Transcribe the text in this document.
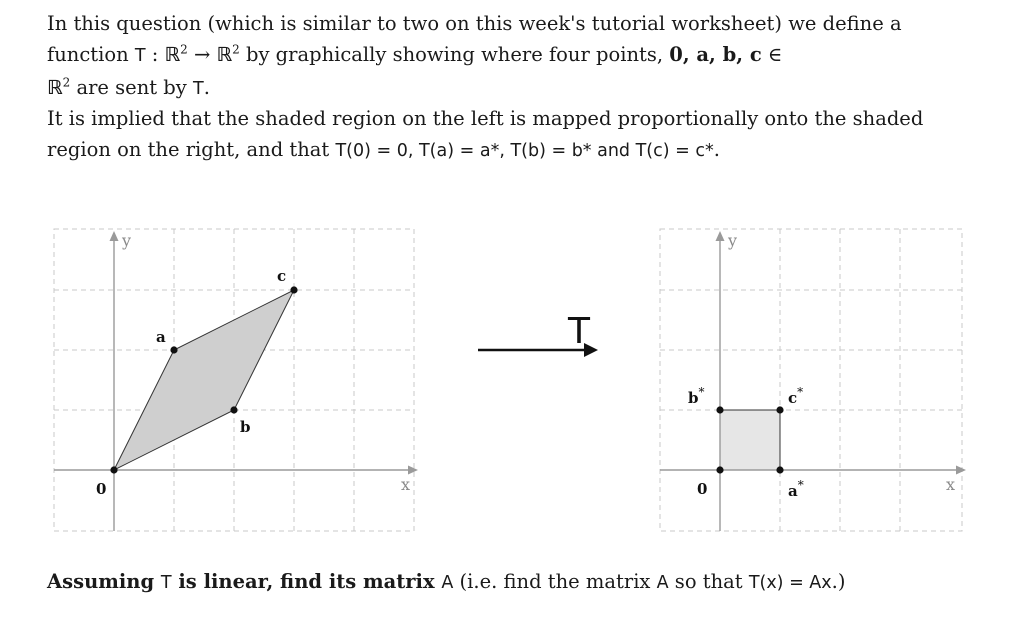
In this question (which is similar to two on this week's tutorial worksheet) we define a function T : ℝ$^2$ → ℝ$^2$ by graphically showing where four points, 0, a, b, c ∈
ℝ$^2$ are sent by T.

It is implied that the shaded region on the left is mapped proportionally onto the shaded region on the right, and that T(0) = 0, T(a) = a*, T(b) = b* and T(c) = c*.

y
x
0
a
b
c
T
y
x
0	a*
b*	c*

Assuming T is linear, find its matrix A (i.e. find the matrix A so that T(x) = Ax.)
